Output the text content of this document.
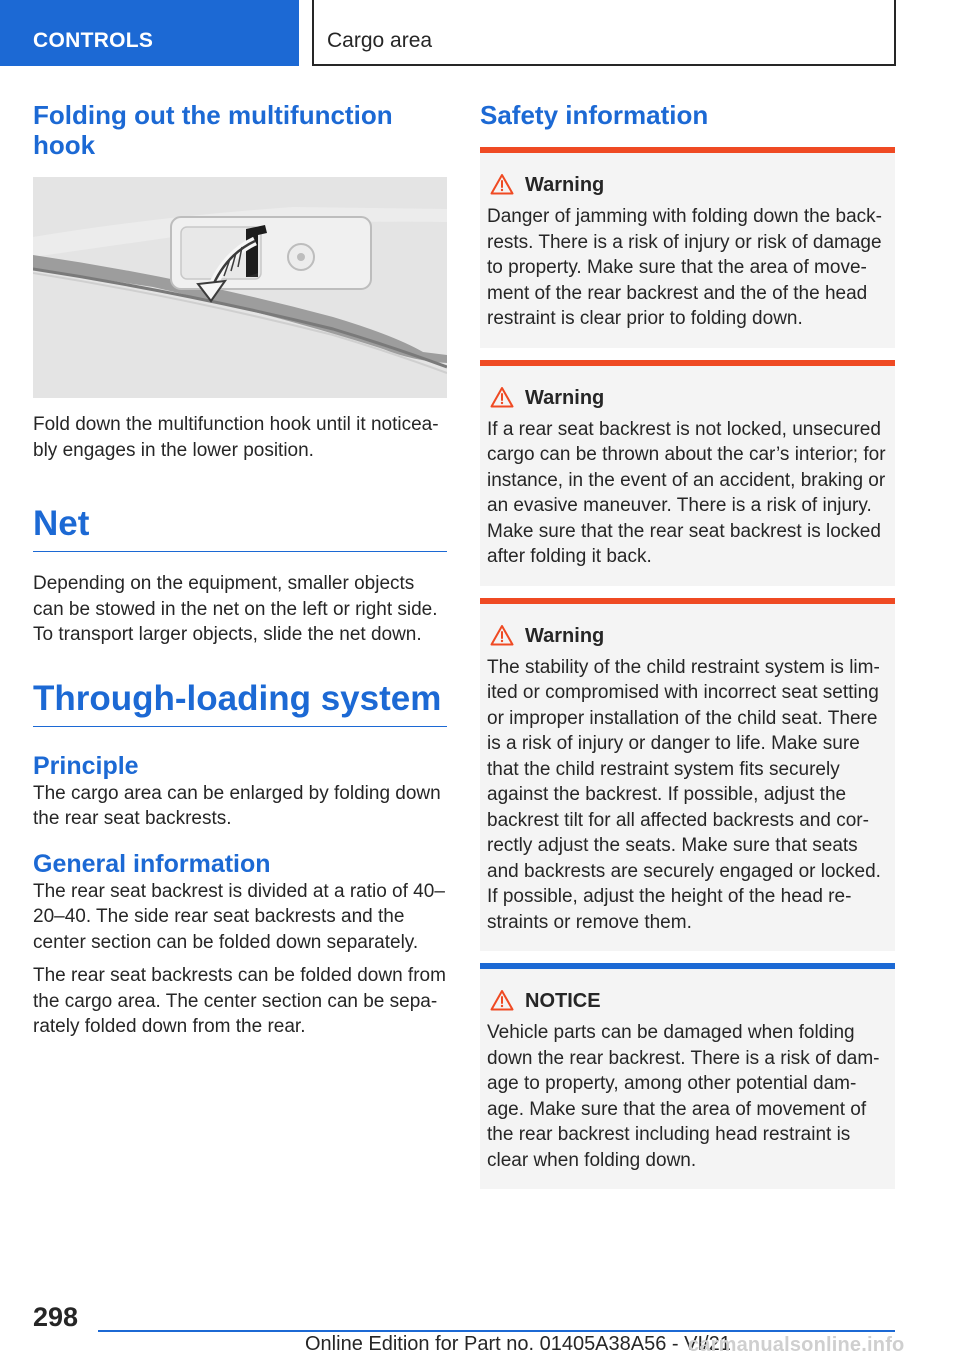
CONTROLS	Cargo area
Folding out the multifunction hook

Fold down the multifunction hook until it noticea-bly engages in the lower position.

Net

Depending on the equipment, smaller objects can be stowed in the net on the left or right side. To transport larger objects, slide the net down.

Through-loading system
Principle

The cargo area can be enlarged by folding down the rear seat backrests.

General information

The rear seat backrest is divided at a ratio of 40–20–40. The side rear seat backrests and the center section can be folded down separately.

The rear seat backrests can be folded down from the cargo area. The center section can be sepa-rately folded down from the rear.

Safety information
Warning

Danger of jamming with folding down the back-rests. There is a risk of injury or risk of damage to property. Make sure that the area of move-ment of the rear backrest and the of the head restraint is clear prior to folding down.

Warning

If a rear seat backrest is not locked, unsecured cargo can be thrown about the car’s interior; for instance, in the event of an accident, braking or an evasive maneuver. There is a risk of injury. Make sure that the rear seat backrest is locked after folding it back.

Warning

The stability of the child restraint system is lim-ited or compromised with incorrect seat setting or improper installation of the child seat. There is a risk of injury or danger to life. Make sure that the child restraint system fits securely against the backrest. If possible, adjust the backrest tilt for all affected backrests and cor-rectly adjust the seats. Make sure that seats and backrests are securely engaged or locked. If possible, adjust the height of the head re-straints or remove them.

NOTICE

Vehicle parts can be damaged when folding down the rear backrest. There is a risk of dam-age to property, among other potential dam-age. Make sure that the area of movement of the rear backrest including head restraint is clear when folding down.

298
Online Edition for Part no. 01405A38A56 - VI/21
carmanualsonline.info
